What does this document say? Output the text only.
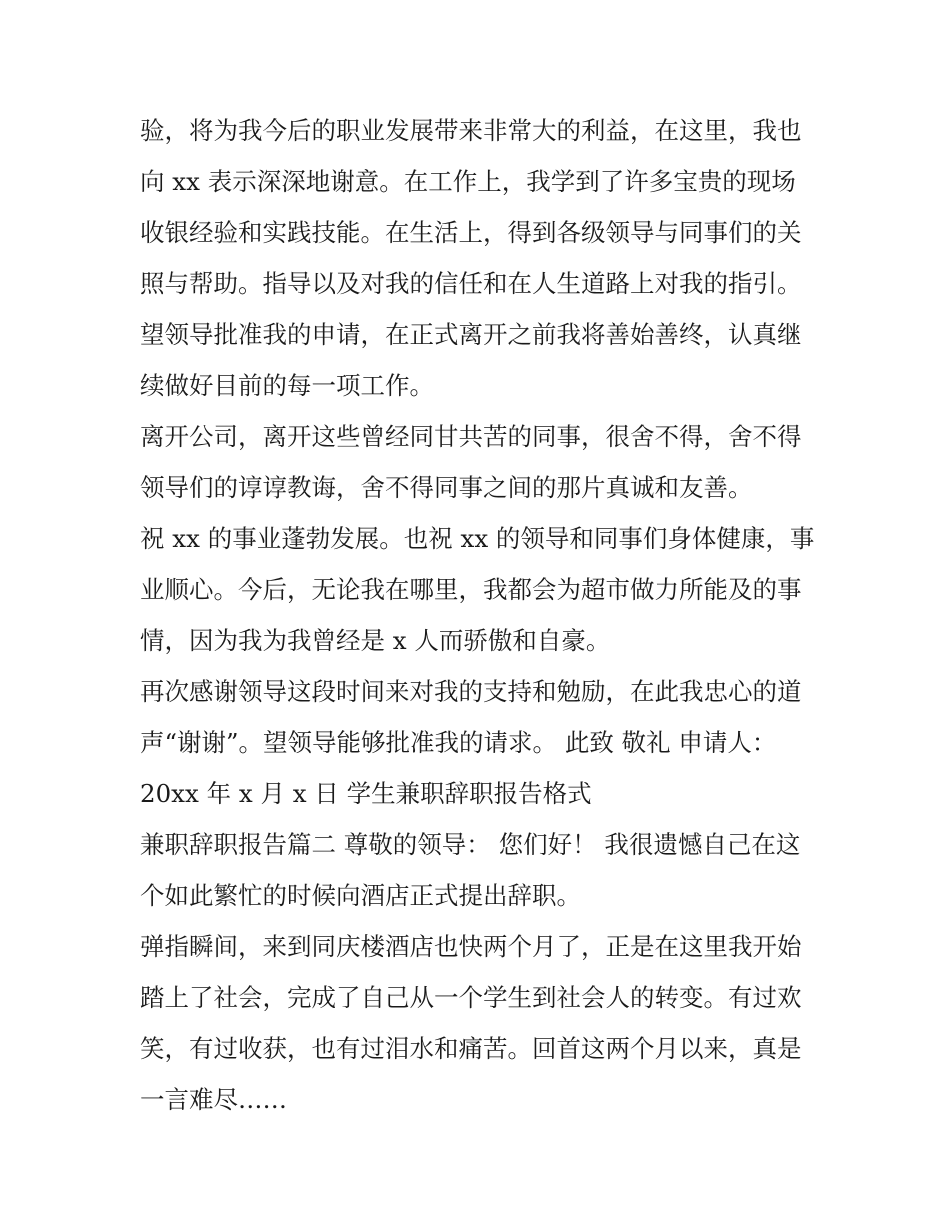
验，将为我今后的职业发展带来非常大的利益，在这里，我也
向 xx 表示深深地谢意。在工作上，我学到了许多宝贵的现场
收银经验和实践技能。在生活上，得到各级领导与同事们的关
照与帮助。指导以及对我的信任和在人生道路上对我的指引。
望领导批准我的申请，在正式离开之前我将善始善终，认真继
续做好目前的每一项工作。
离开公司，离开这些曾经同甘共苦的同事，很舍不得，舍不得
领导们的谆谆教诲，舍不得同事之间的那片真诚和友善。
祝 xx 的事业蓬勃发展。也祝 xx 的领导和同事们身体健康，事
业顺心。今后，无论我在哪里，我都会为超市做力所能及的事
情，因为我为我曾经是 x 人而骄傲和自豪。
再次感谢领导这段时间来对我的支持和勉励，在此我忠心的道
声“谢谢”。望领导能够批准我的请求。 此致 敬礼 申请人：
20xx 年 x 月 x 日 学生兼职辞职报告格式
兼职辞职报告篇二 尊敬的领导： 您们好！ 我很遗憾自己在这
个如此繁忙的时候向酒店正式提出辞职。
弹指瞬间，来到同庆楼酒店也快两个月了，正是在这里我开始
踏上了社会，完成了自己从一个学生到社会人的转变。有过欢
笑，有过收获，也有过泪水和痛苦。回首这两个月以来，真是
一言难尽……
